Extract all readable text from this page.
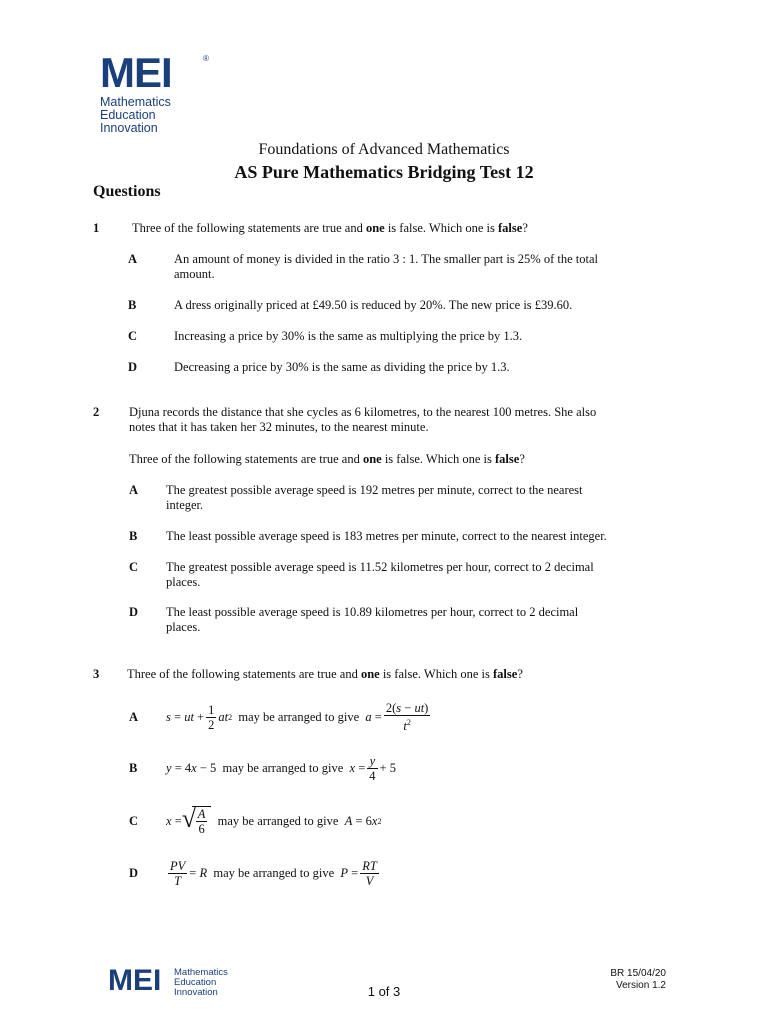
MEI	®
Mathematics
Education
Innovation
Foundations of Advanced Mathematics
AS Pure Mathematics Bridging Test 12
Questions
1	Three of the following statements are true and one is false. Which one is false?
A	An amount of money is divided in the ratio 3 : 1. The smaller part is 25% of the total
amount.
B	A dress originally priced at £49.50 is reduced by 20%. The new price is £39.60.
C	Increasing a price by 30% is the same as multiplying the price by 1.3.
D	Decreasing a price by 30% is the same as dividing the price by 1.3.
2 Djuna records the distance that she cycles as 6 kilometres, to the nearest 100 metres. She also
notes that it has taken her 32 minutes, to the nearest minute.
Three of the following statements are true and one is false. Which one is false?
A The greatest possible average speed is 192 metres per minute, correct to the nearest
integer.
B The least possible average speed is 183 metres per minute, correct to the nearest integer.
C The greatest possible average speed is 11.52 kilometres per hour, correct to 2 decimal
places.
D The least possible average speed is 10.89 kilometres per hour, correct to 2 decimal
places.
3 Three of the following statements are true and one is false. Which one is false?
A s
=
ut
+ $\frac{1}{2}$ at 2
may be arranged to give
a
= $\frac{2(s - ut)}{t^2}$
B y
=
4 x
−
5
may be arranged to give
x
= $\frac{y}{4}$ +
5
C x
= √ $\frac{A}{6}$
may be arranged to give
A
=
6 x 2
D $\frac{PV}{T}$ =
R
may be arranged to give
P
= $\frac{RT}{V}$
MEI Mathematics
Education
Innovation
BR 15/04/20
Version 1.2
1 of 3
